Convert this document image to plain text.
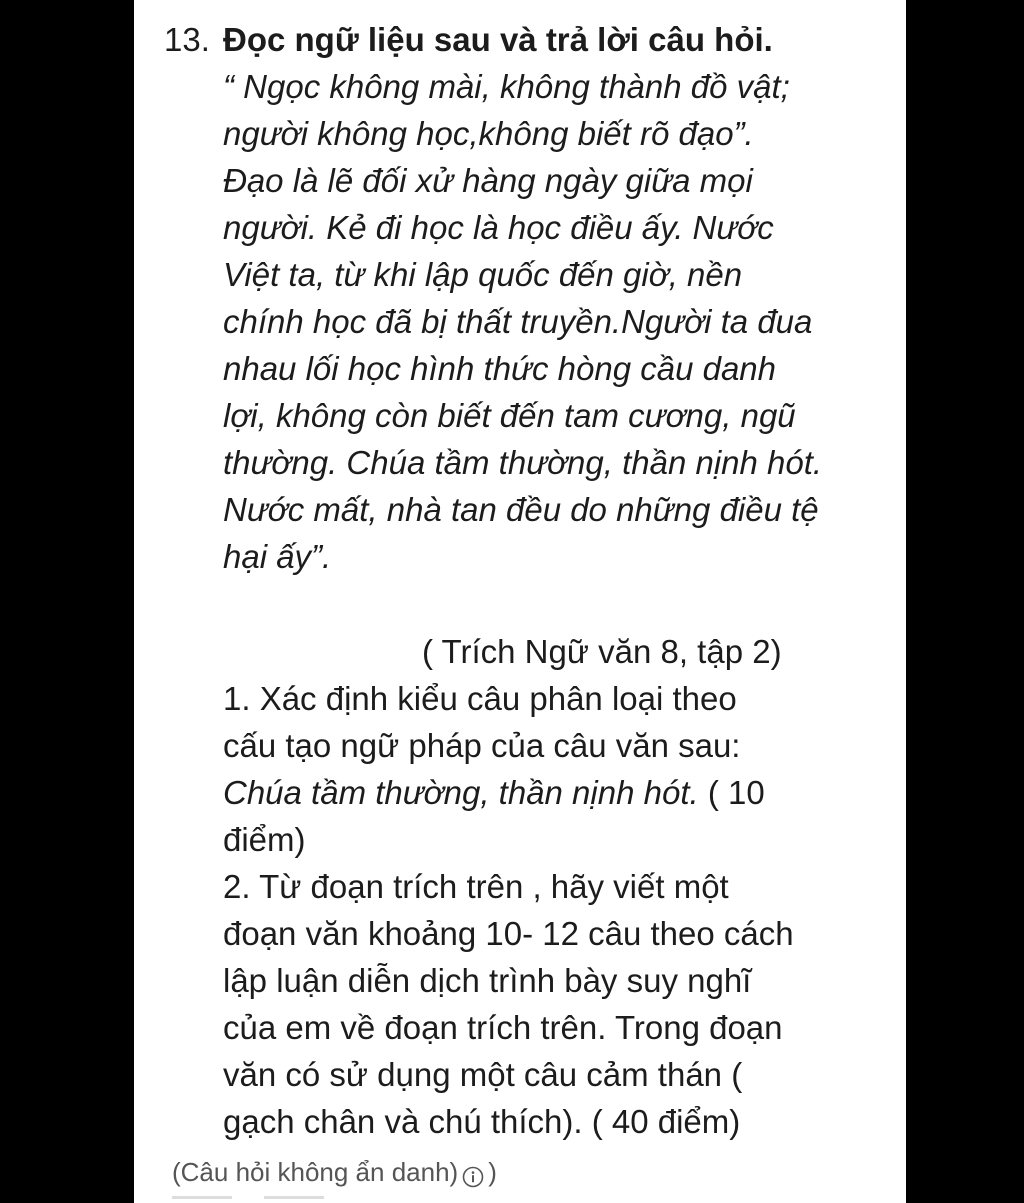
13. Đọc ngữ liệu sau và trả lời câu hỏi.
“ Ngọc không mài, không thành đồ vật;
người không học,không biết rõ đạo”.
Đạo là lẽ đối xử hàng ngày giữa mọi
người. Kẻ đi học là học điều ấy. Nước
Việt ta, từ khi lập quốc đến giờ, nền
chính học đã bị thất truyền.Người ta đua
nhau lối học hình thức hòng cầu danh
lợi, không còn biết đến tam cương, ngũ
thường. Chúa tầm thường, thần nịnh hót.
Nước mất, nhà tan đều do những điều tệ
hại ấy”.
( Trích Ngữ văn 8, tập 2)
1. Xác định kiểu câu phân loại theo
cấu tạo ngữ pháp của câu văn sau:
Chúa tầm thường, thần nịnh hót. ( 10
điểm)
2. Từ đoạn trích trên , hãy viết một
đoạn văn khoảng 10- 12 câu theo cách
lập luận diễn dịch trình bày suy nghĩ
của em về đoạn trích trên. Trong đoạn
văn có sử dụng một câu cảm thán (
gạch chân và chú thích). ( 40 điểm)
(Câu hỏi không ẩn danh) )
